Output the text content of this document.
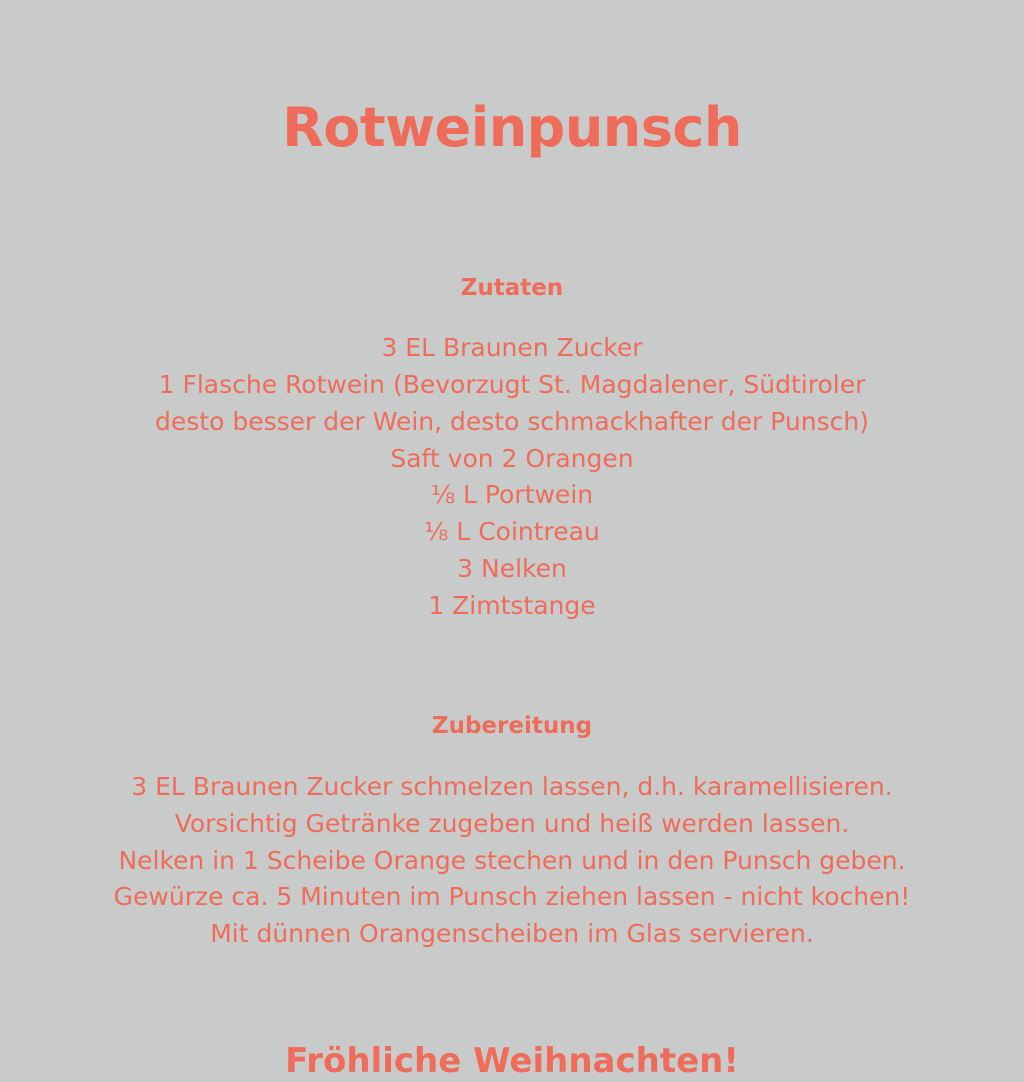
Rotweinpunsch
Zutaten
3 EL Braunen Zucker
1 Flasche Rotwein (Bevorzugt St. Magdalener, Südtiroler
desto besser der Wein, desto schmackhafter der Punsch)
Saft von 2 Orangen
⅛ L Portwein
⅛ L Cointreau
3 Nelken
1 Zimtstange
Zubereitung
3 EL Braunen Zucker schmelzen lassen, d.h. karamellisieren.
Vorsichtig Getränke zugeben und heiß werden lassen.
Nelken in 1 Scheibe Orange stechen und in den Punsch geben.
Gewürze ca. 5 Minuten im Punsch ziehen lassen - nicht kochen!
Mit dünnen Orangenscheiben im Glas servieren.
Fröhliche Weihnachten!
